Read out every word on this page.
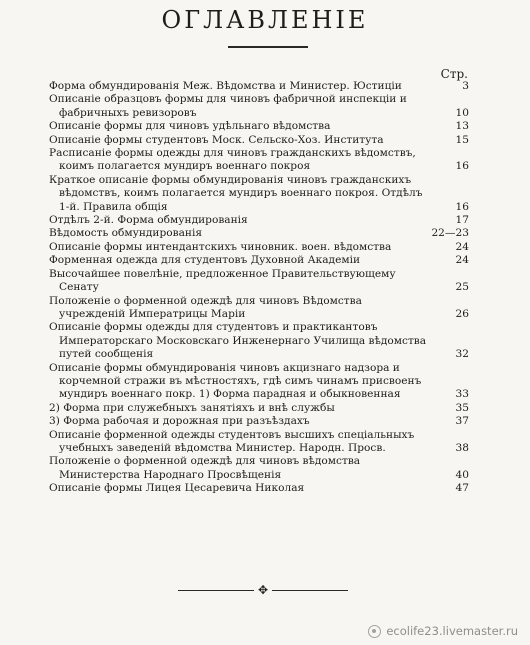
ОГЛАВЛЕНІЕ
Стр.
Форма обмундированія Меж. Вѣдомства и Министер. Юстиціи	3
Описаніе образцовъ формы для чиновъ фабричной инспекціи и фабричныхъ ревизоровъ	10
Описаніе формы для чиновъ удѣльнаго вѣдомства	13
Описаніе формы студентовъ Моск. Сельско-Хоз. Института	15
Расписаніе формы одежды для чиновъ гражданскихъ вѣдомствъ, коимъ полагается мундиръ военнаго покроя	16
Краткое описаніе формы обмундированія чиновъ гражданскихъ вѣдомствъ, коимъ полагается мундиръ военнаго покроя. Отдѣлъ 1-й. Правила общія	16
Отдѣлъ 2-й. Форма обмундированія	17
Вѣдомость обмундированія	22—23
Описаніе формы интендантскихъ чиновник. воен. вѣдомства	24
Форменная одежда для студентовъ Духовной Академіи	24
Высочайшее повелѣніе, предложенное Правительствующему Сенату	25
Положеніе о форменной одеждѣ для чиновъ Вѣдомства учрежденій Императрицы Маріи	26
Описаніе формы одежды для студентовъ и практикантовъ Императорскаго Московскаго Инженернаго Училища вѣдомства путей сообщенія	32
Описаніе формы обмундированія чиновъ акцизнаго надзора и корчемной стражи въ мѣстностяхъ, гдѣ симъ чинамъ присвоенъ мундиръ военнаго покр. 1) Форма парадная и обыкновенная	33
2) Форма при служебныхъ занятіяхъ и внѣ службы	35
3) Форма рабочая и дорожная при разъѣздахъ	37
Описаніе форменной одежды студентовъ высшихъ спеціальныхъ учебныхъ заведеній вѣдомства Министер. Народн. Просв.	38
Положеніе о форменной одеждѣ для чиновъ вѣдомства Министерства Народнаго Просвѣщенія	40
Описаніе формы Лицея Цесаревича Николая	47
✥
ecolife23.livemaster.ru
